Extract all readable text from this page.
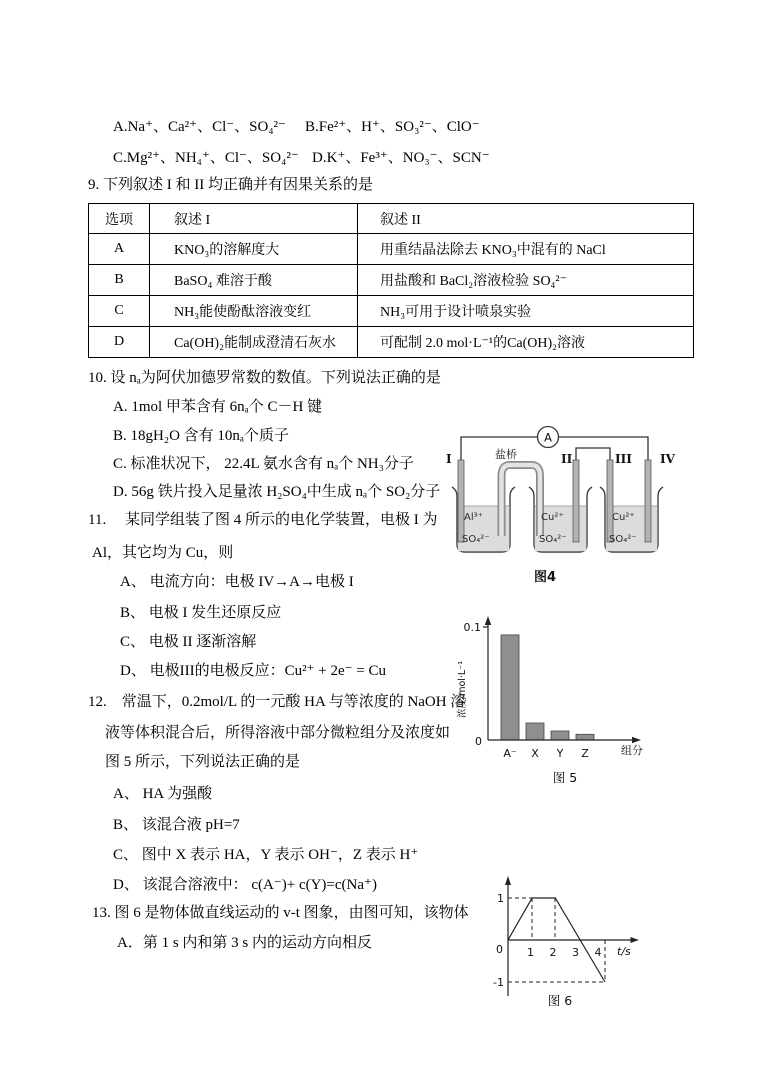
A.Na⁺、Ca²⁺、Cl⁻、SO₄²⁻ B.Fe²⁺、H⁺、SO₃²⁻、ClO⁻
C.Mg²⁺、NH₄⁺、Cl⁻、SO₄²⁻ D.K⁺、Fe³⁺、NO₃⁻、SCN⁻
9. 下列叙述 I 和 II 均正确并有因果关系的是
选项	叙述 I	叙述 II
A	KNO₃的溶解度大	用重结晶法除去 KNO₃中混有的 NaCl
B	BaSO₄ 难溶于酸	用盐酸和 BaCl₂溶液检验 SO₄²⁻
C	NH₃能使酚酞溶液变红	NH₃可用于设计喷泉实验
D	Ca(OH)₂能制成澄清石灰水	可配制 2.0 mol·L⁻¹的Ca(OH)₂溶液
10. 设 nₐ为阿伏加德罗常数的数值。下列说法正确的是
A. 1mol 甲苯含有 6nₐ个 C－H 键
B. 18gH₂O 含有 10nₐ个质子
C. 标准状况下， 22.4L 氨水含有 nₐ个 NH₃分子
D. 56g 铁片投入足量浓 H₂SO₄中生成 nₐ个 SO₂分子
A
I	II	III IV
盐桥
Al³⁺
SO₄²⁻
Cu²⁺
SO₄²⁻
Cu²⁺
SO₄²⁻
图4
11.     某同学组装了图 4 所示的电化学装置，电极 I 为
Al，其它均为 Cu，则
A、 电流方向：电极 IV→A→电极 I
B、 电极 I 发生还原反应
C、 电极 II 逐渐溶解
D、 电极III的电极反应：Cu²⁺ + 2e⁻ = Cu
0.1
0
A⁻ X Y Z	组分
浓度/mol·L⁻¹
图 5
12.    常温下，0.2mol/L 的一元酸 HA 与等浓度的 NaOH 溶
液等体积混合后，所得溶液中部分微粒组分及浓度如
图 5 所示，下列说法正确的是
A、 HA 为强酸
B、 该混合液 pH=7
C、 图中 X 表示 HA，Y 表示 OH⁻，Z 表示 H⁺
D、 该混合溶液中： c(A⁻)+ c(Y)=c(Na⁺)
13. 图 6 是物体做直线运动的 v-t 图象，由图可知，该物体
A．第 1 s 内和第 3 s 内的运动方向相反
1
0
-1
1 2 3 4 t/s
图 6
